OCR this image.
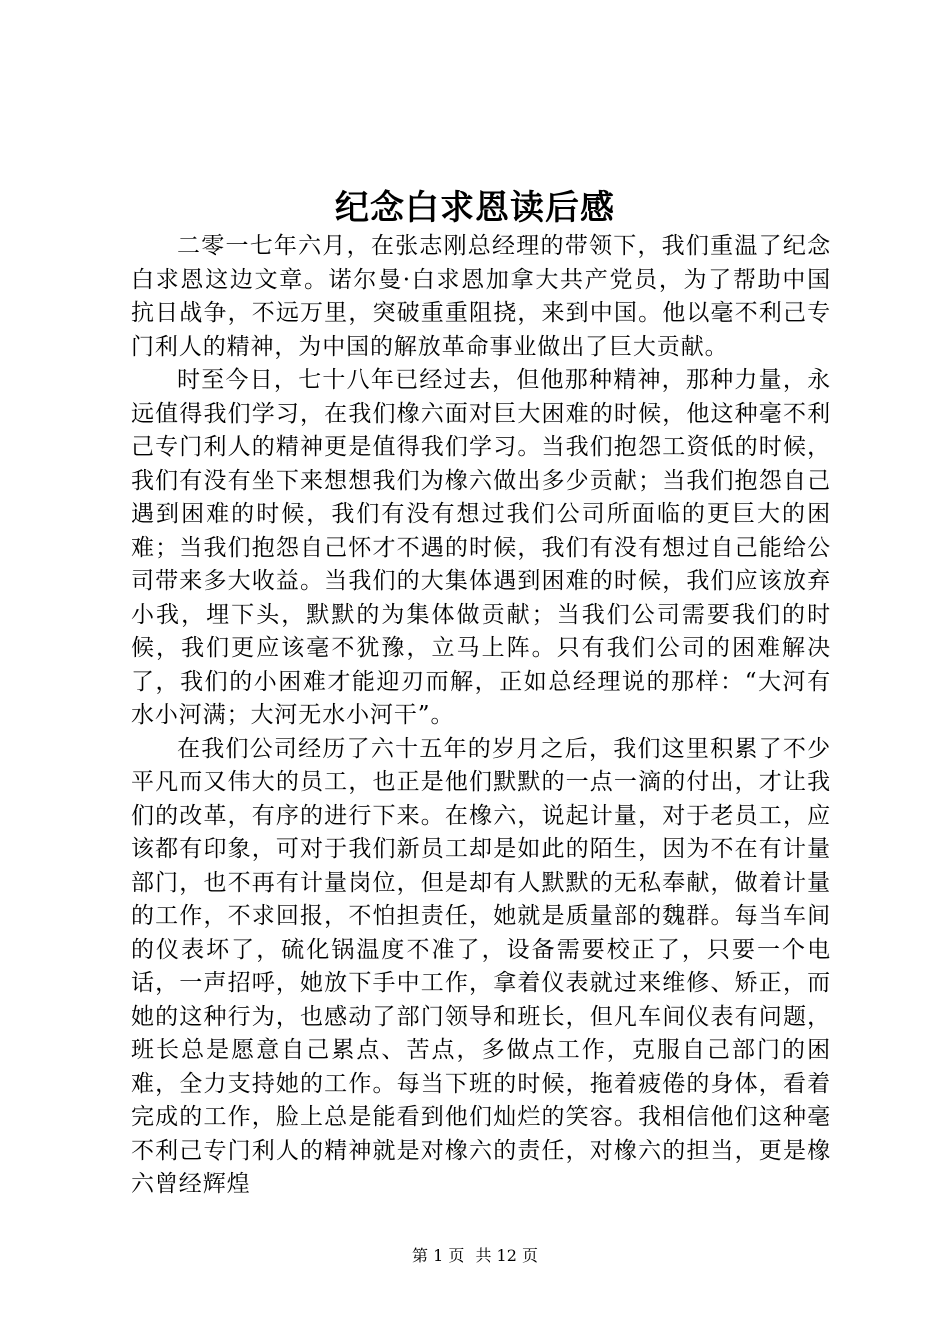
纪念白求恩读后感

二零一七年六月，在张志刚总经理的带领下，我们重温了纪念白求恩这边文章。诺尔曼·白求恩加拿大共产党员，为了帮助中国抗日战争，不远万里，突破重重阻挠，来到中国。他以毫不利己专门利人的精神，为中国的解放革命事业做出了巨大贡献。

时至今日，七十八年已经过去，但他那种精神，那种力量，永远值得我们学习，在我们橡六面对巨大困难的时候，他这种毫不利己专门利人的精神更是值得我们学习。当我们抱怨工资低的时候，我们有没有坐下来想想我们为橡六做出多少贡献；当我们抱怨自己遇到困难的时候，我们有没有想过我们公司所面临的更巨大的困难；当我们抱怨自己怀才不遇的时候，我们有没有想过自己能给公司带来多大收益。当我们的大集体遇到困难的时候，我们应该放弃小我，埋下头，默默的为集体做贡献；当我们公司需要我们的时候，我们更应该毫不犹豫，立马上阵。只有我们公司的困难解决了，我们的小困难才能迎刃而解，正如总经理说的那样：“大河有水小河满；大河无水小河干”。

在我们公司经历了六十五年的岁月之后，我们这里积累了不少平凡而又伟大的员工，也正是他们默默的一点一滴的付出，才让我们的改革，有序的进行下来。在橡六，说起计量，对于老员工，应该都有印象，可对于我们新员工却是如此的陌生，因为不在有计量部门，也不再有计量岗位，但是却有人默默的无私奉献，做着计量的工作，不求回报，不怕担责任，她就是质量部的魏群。每当车间的仪表坏了，硫化锅温度不准了，设备需要校正了，只要一个电话，一声招呼，她放下手中工作，拿着仪表就过来维修、矫正，而她的这种行为，也感动了部门领导和班长，但凡车间仪表有问题，班长总是愿意自己累点、苦点，多做点工作，克服自己部门的困难，全力支持她的工作。每当下班的时候，拖着疲倦的身体，看着完成的工作，脸上总是能看到他们灿烂的笑容。我相信他们这种毫不利己专门利人的精神就是对橡六的责任，对橡六的担当，更是橡六曾经辉煌

第 1 页 共 12 页
